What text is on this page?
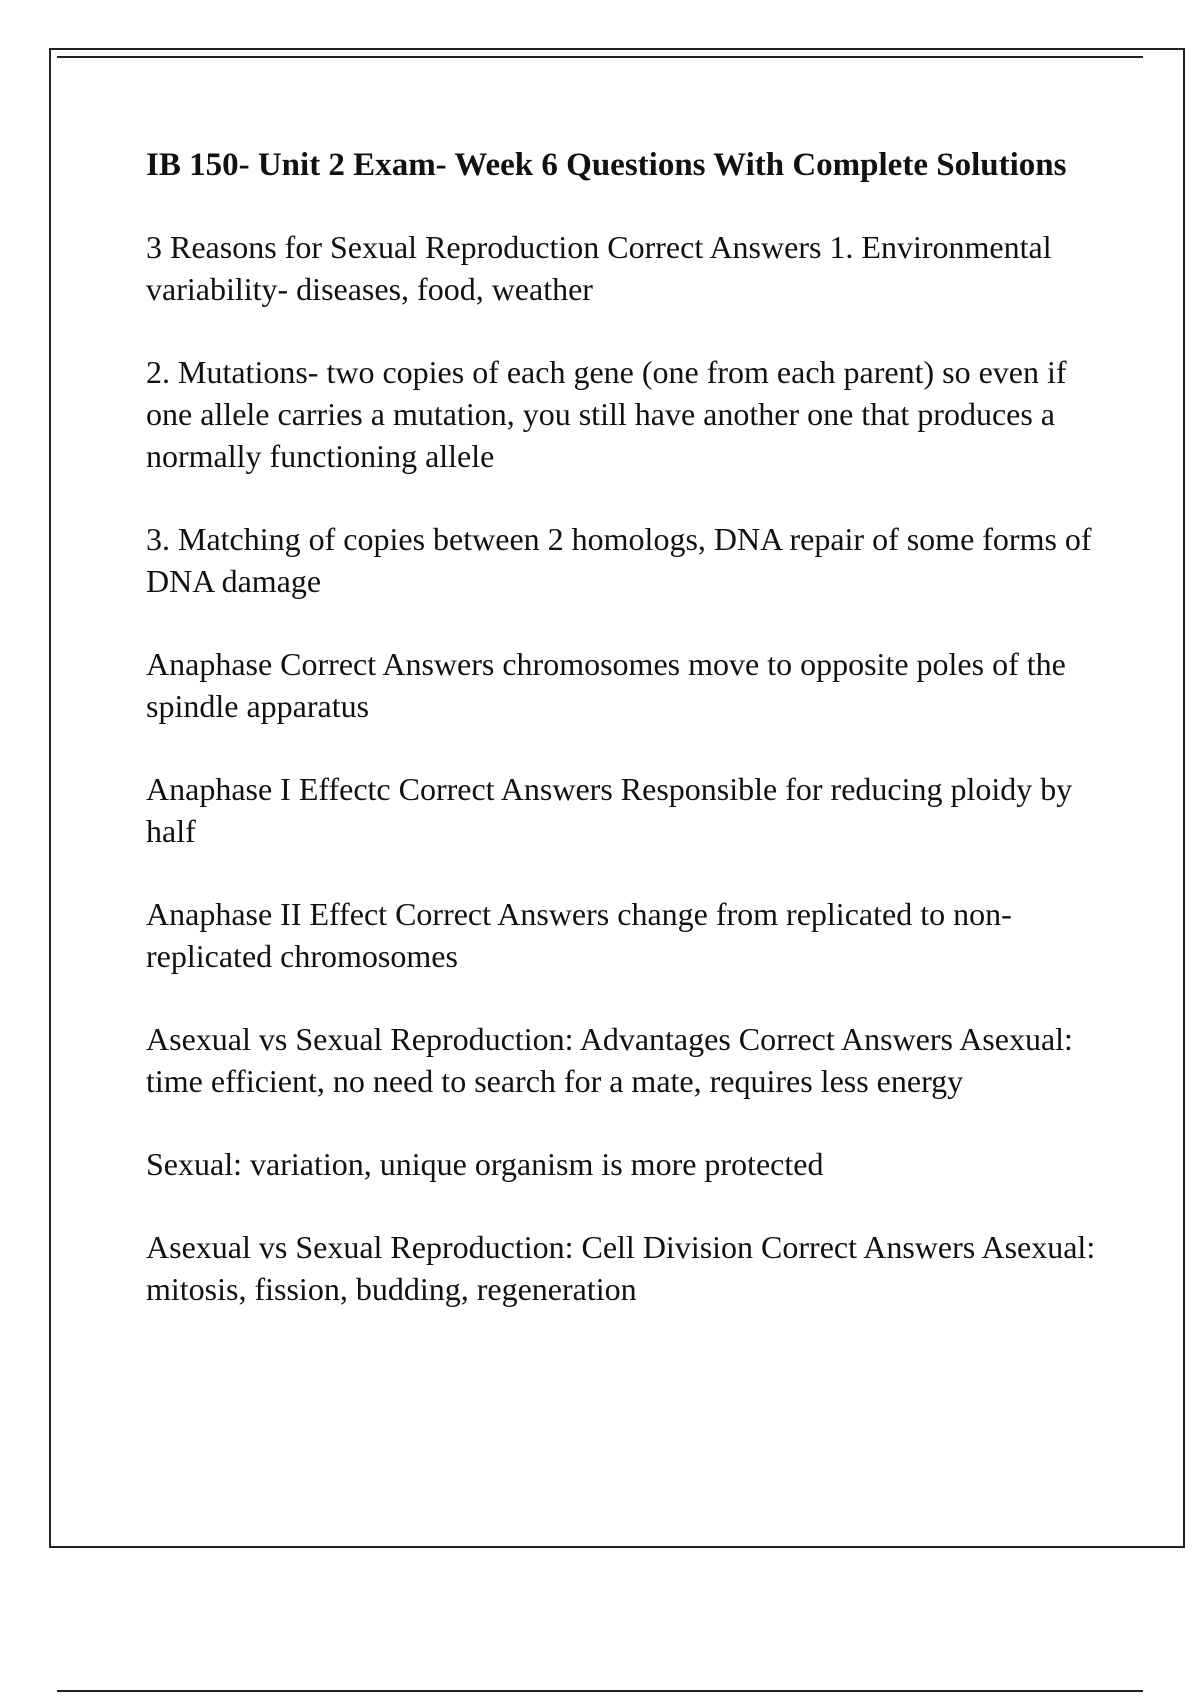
IB 150- Unit 2 Exam- Week 6 Questions With Complete Solutions
3 Reasons for Sexual Reproduction Correct Answers 1. Environmental variability- diseases, food, weather
2. Mutations- two copies of each gene (one from each parent) so even if one allele carries a mutation, you still have another one that produces a normally functioning allele
3. Matching of copies between 2 homologs, DNA repair of some forms of DNA damage
Anaphase Correct Answers chromosomes move to opposite poles of the spindle apparatus
Anaphase I Effectc Correct Answers Responsible for reducing ploidy by half
Anaphase II Effect Correct Answers change from replicated to non-replicated chromosomes
Asexual vs Sexual Reproduction: Advantages Correct Answers Asexual: time efficient, no need to search for a mate, requires less energy
Sexual: variation, unique organism is more protected
Asexual vs Sexual Reproduction: Cell Division Correct Answers Asexual: mitosis, fission, budding, regeneration
